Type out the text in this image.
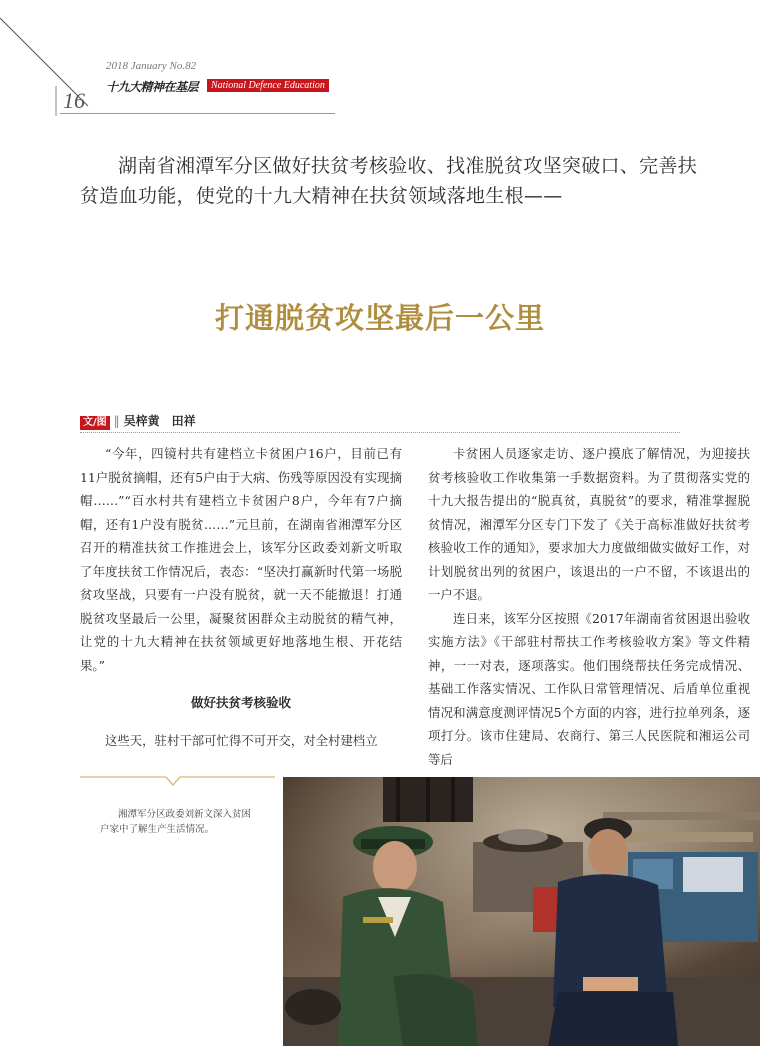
2018 January No.82
十九大精神在基层	National Defence Education
16

湖南省湘潭军分区做好扶贫考核验收、找准脱贫攻坚突破口、完善扶贫造血功能，使党的十九大精神在扶贫领域落地生根——

打通脱贫攻坚最后一公里
文/图 ‖ 吴梓黄　田祥

“今年，四镜村共有建档立卡贫困户16户，目前已有11户脱贫摘帽，还有5户由于大病、伤残等原因没有实现摘帽……”“百水村共有建档立卡贫困户8户，今年有7户摘帽，还有1户没有脱贫……”元旦前，在湖南省湘潭军分区召开的精准扶贫工作推进会上，该军分区政委刘新文听取了年度扶贫工作情况后，表态：“坚决打赢新时代第一场脱贫攻坚战，只要有一户没有脱贫，就一天不能撤退！打通脱贫攻坚最后一公里，凝聚贫困群众主动脱贫的精气神，让党的十九大精神在扶贫领域更好地落地生根、开花结果。”

做好扶贫考核验收

这些天，驻村干部可忙得不可开交，对全村建档立

卡贫困人员逐家走访、逐户摸底了解情况，为迎接扶贫考核验收工作收集第一手数据资料。为了贯彻落实党的十九大报告提出的“脱真贫，真脱贫”的要求，精准掌握脱贫情况，湘潭军分区专门下发了《关于高标准做好扶贫考核验收工作的通知》，要求加大力度做细做实做好工作，对计划脱贫出列的贫困户，该退出的一户不留，不该退出的一户不退。

连日来，该军分区按照《2017年湖南省贫困退出验收实施方法》《干部驻村帮扶工作考核验收方案》等文件精神，一一对表，逐项落实。他们围绕帮扶任务完成情况、基础工作落实情况、工作队日常管理情况、后盾单位重视情况和满意度测评情况5个方面的内容，进行拉单列条，逐项打分。该市住建局、农商行、第三人民医院和湘运公司等后

湘潭军分区政委刘新文深入贫困户家中了解生产生活情况。
